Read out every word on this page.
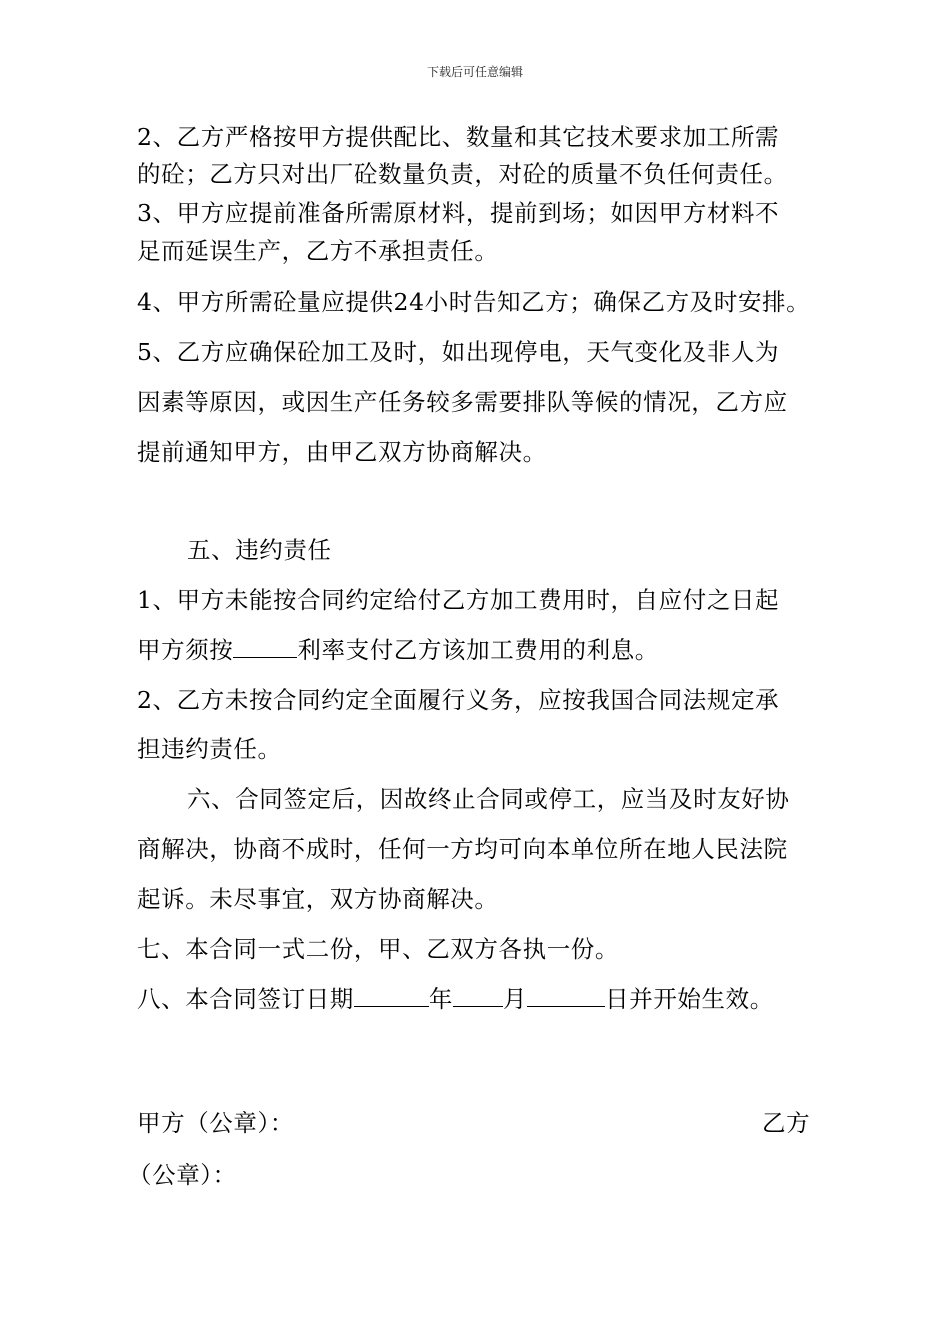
下载后可任意编辑
2、乙方严格按甲方提供配比、数量和其它技术要求加工所需
的砼；乙方只对出厂砼数量负责，对砼的质量不负任何责任。
3、甲方应提前准备所需原材料，提前到场；如因甲方材料不
足而延误生产，乙方不承担责任。
4、甲方所需砼量应提供24小时告知乙方；确保乙方及时安排。
5、乙方应确保砼加工及时，如出现停电，天气变化及非人为
因素等原因，或因生产任务较多需要排队等候的情况，乙方应
提前通知甲方，由甲乙双方协商解决。
五、违约责任
1、甲方未能按合同约定给付乙方加工费用时，自应付之日起
甲方须按	利率支付乙方该加工费用的利息。
2、乙方未按合同约定全面履行义务，应按我国合同法规定承
担违约责任。
六、合同签定后，因故终止合同或停工，应当及时友好协
商解决，协商不成时，任何一方均可向本单位所在地人民法院
起诉。未尽事宜，双方协商解决。
七、本合同一式二份，甲、乙双方各执一份。
八、本合同签订日期	年 月	日并开始生效。
甲方（公章）：	乙方
（公章）：
